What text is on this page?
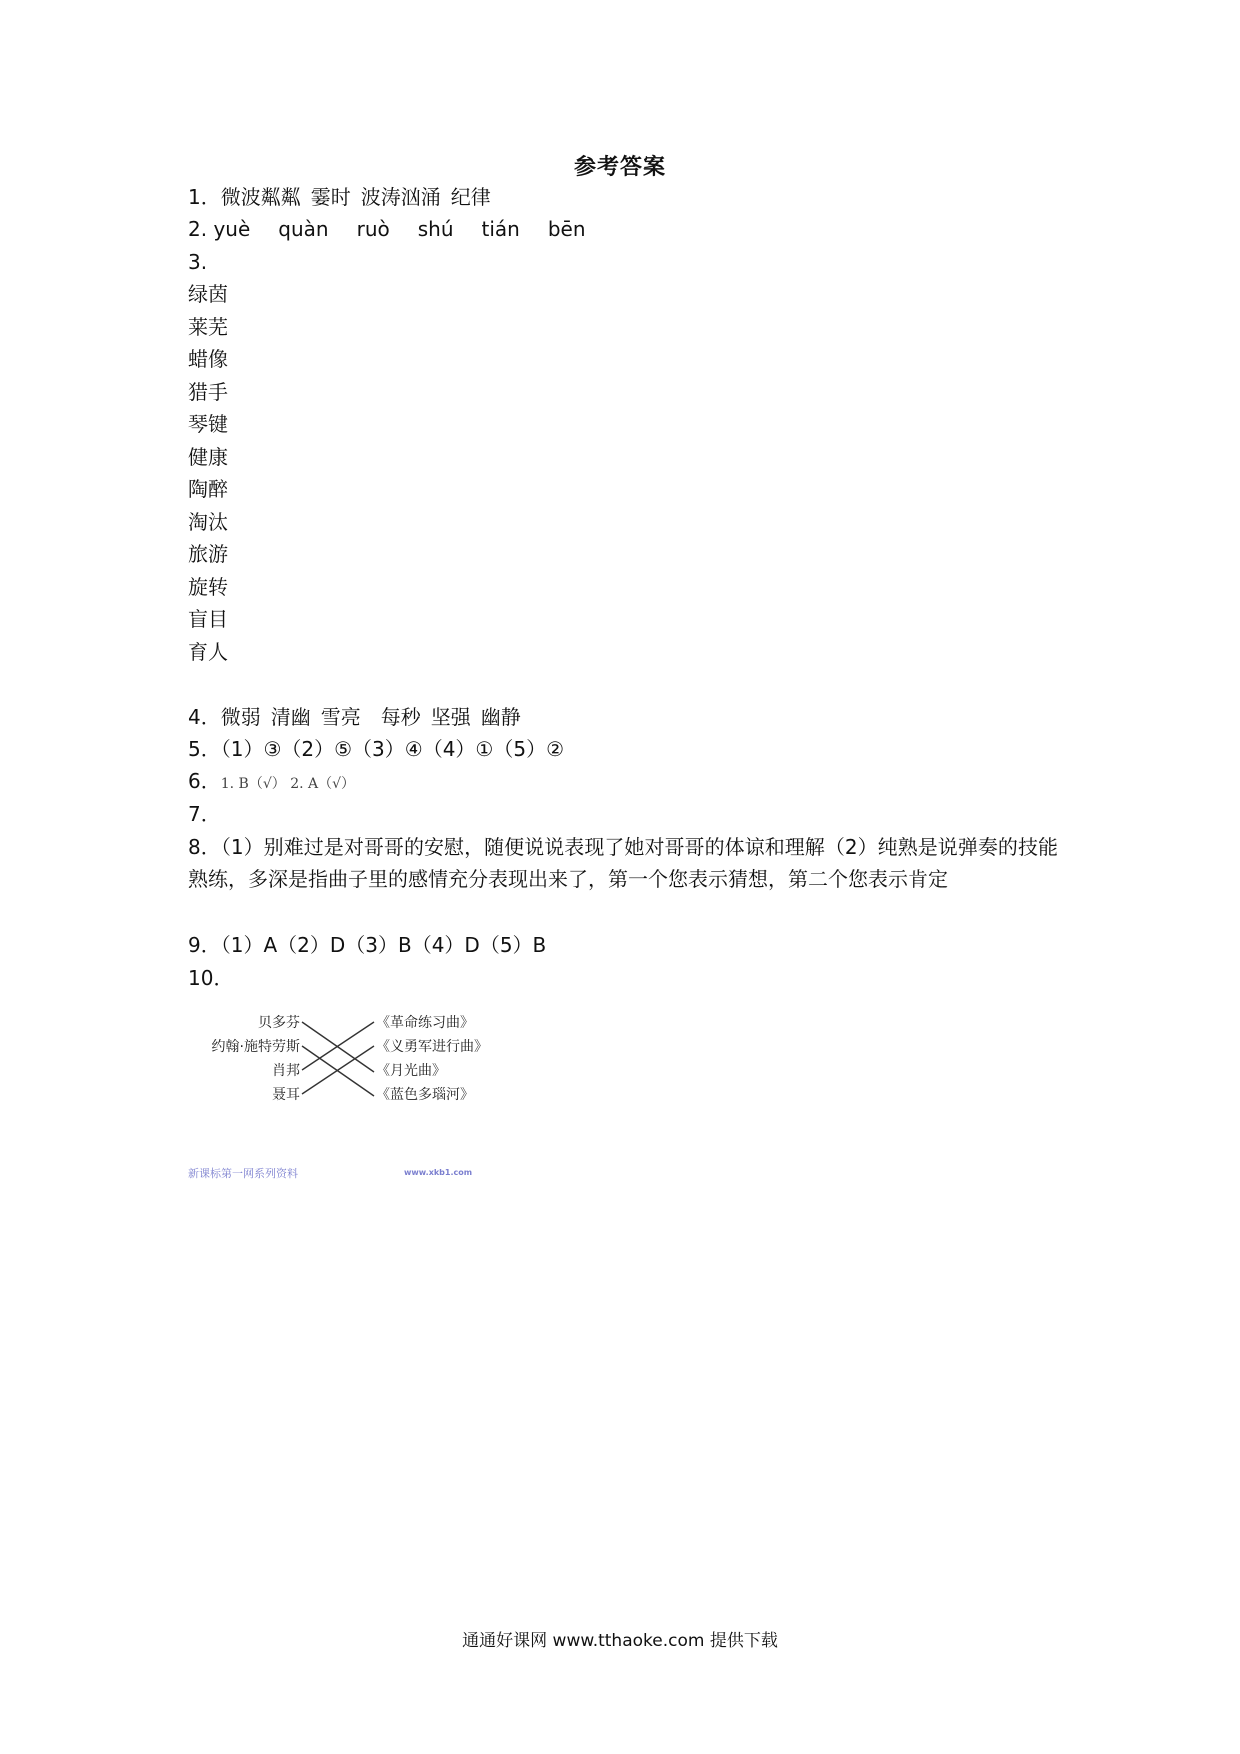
参考答案
1．微波粼粼 霎时 波涛汹涌 纪律
2. yuè quàn ruò shú tián bēn
3.
绿茵
莱芜
蜡像
猎手
琴键
健康
陶醉
淘汰
旅游
旋转
盲目
育人
4．微弱 清幽 雪亮 每秒 坚强 幽静
5．（1）③（2）⑤（3）④（4）①（5）②
6．1. B（√） 2. A（√）
7．
8．（1）别难过是对哥哥的安慰，随便说说表现了她对哥哥的体谅和理解（2）纯熟是说弹奏的技能熟练，多深是指曲子里的感情充分表现出来了，第一个您表示猜想，第二个您表示肯定
9．（1）A（2）D（3）B（4）D（5）B
10．
贝多芬
约翰·施特劳斯
肖邦
聂耳
《革命练习曲》
《义勇军进行曲》
《月光曲》
《蓝色多瑙河》
新课标第一网系列资料	www.xkb1.com
通通好课网 www.tthaoke.com 提供下载
